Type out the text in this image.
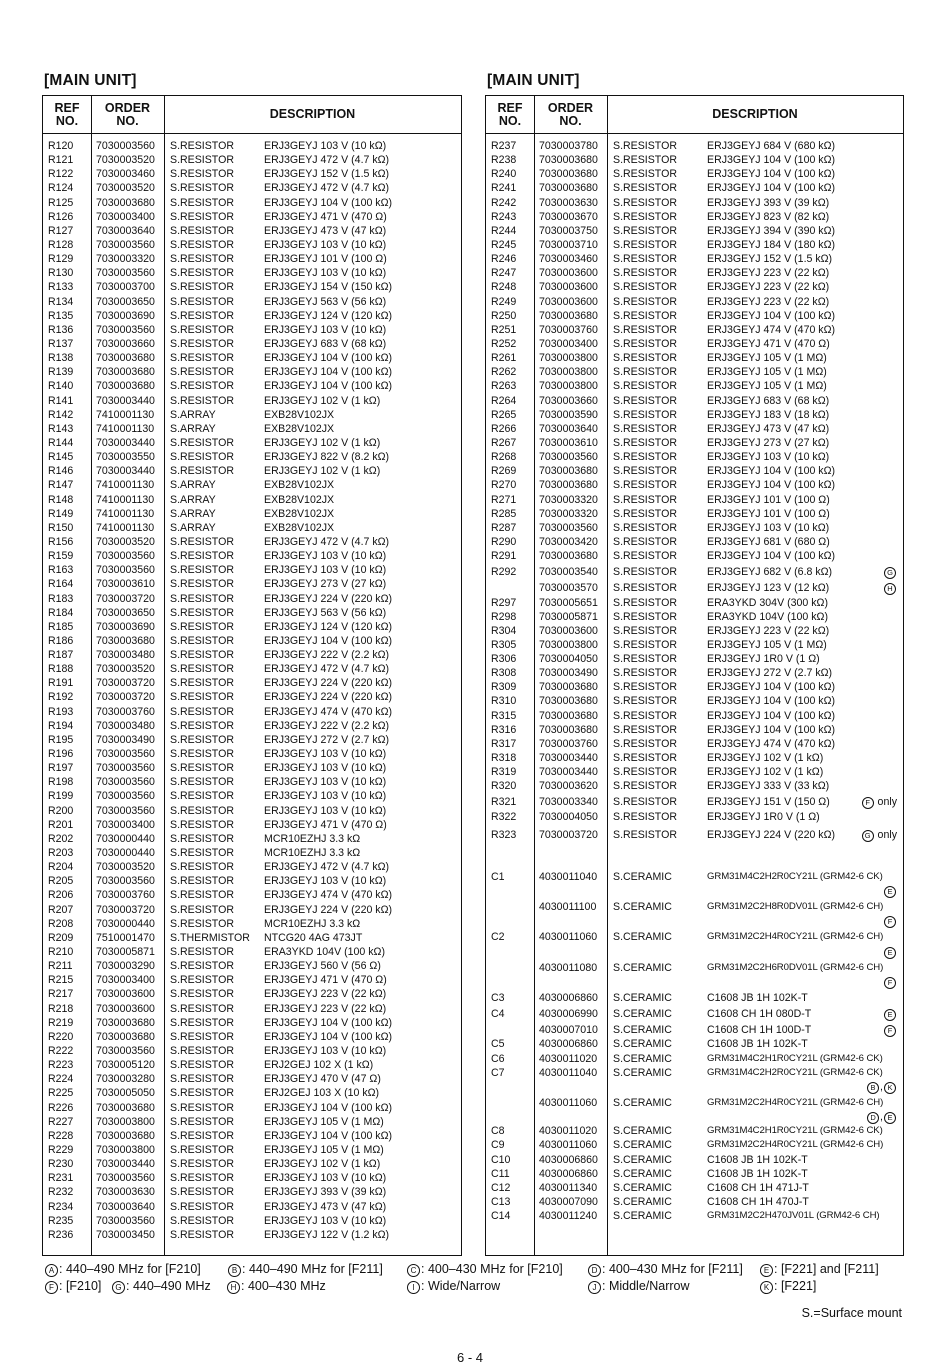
[MAIN UNIT]	[MAIN UNIT]
REF
NO.
ORDER
NO.	DESCRIPTION
R120 7030003560 S.RESISTOR	ERJ3GEYJ 103 V (10 kΩ)
R121 7030003520 S.RESISTOR	ERJ3GEYJ 472 V (4.7 kΩ)
R122 7030003460 S.RESISTOR	ERJ3GEYJ 152 V (1.5 kΩ)
R124 7030003520 S.RESISTOR	ERJ3GEYJ 472 V (4.7 kΩ)
R125 7030003680 S.RESISTOR	ERJ3GEYJ 104 V (100 kΩ)
R126 7030003400 S.RESISTOR	ERJ3GEYJ 471 V (470 Ω)
R127 7030003640 S.RESISTOR	ERJ3GEYJ 473 V (47 kΩ)
R128 7030003560 S.RESISTOR	ERJ3GEYJ 103 V (10 kΩ)
R129 7030003320 S.RESISTOR	ERJ3GEYJ 101 V (100 Ω)
R130 7030003560 S.RESISTOR	ERJ3GEYJ 103 V (10 kΩ)
R133 7030003700 S.RESISTOR	ERJ3GEYJ 154 V (150 kΩ)
R134 7030003650 S.RESISTOR	ERJ3GEYJ 563 V (56 kΩ)
R135 7030003690 S.RESISTOR	ERJ3GEYJ 124 V (120 kΩ)
R136 7030003560 S.RESISTOR	ERJ3GEYJ 103 V (10 kΩ)
R137 7030003660 S.RESISTOR	ERJ3GEYJ 683 V (68 kΩ)
R138 7030003680 S.RESISTOR	ERJ3GEYJ 104 V (100 kΩ)
R139 7030003680 S.RESISTOR	ERJ3GEYJ 104 V (100 kΩ)
R140 7030003680 S.RESISTOR	ERJ3GEYJ 104 V (100 kΩ)
R141 7030003440 S.RESISTOR	ERJ3GEYJ 102 V (1 kΩ)
R142 7410001130 S.ARRAY	EXB28V102JX
R143 7410001130 S.ARRAY	EXB28V102JX
R144 7030003440 S.RESISTOR	ERJ3GEYJ 102 V (1 kΩ)
R145 7030003550 S.RESISTOR	ERJ3GEYJ 822 V (8.2 kΩ)
R146 7030003440 S.RESISTOR	ERJ3GEYJ 102 V (1 kΩ)
R147 7410001130 S.ARRAY	EXB28V102JX
R148 7410001130 S.ARRAY	EXB28V102JX
R149 7410001130 S.ARRAY	EXB28V102JX
R150 7410001130 S.ARRAY	EXB28V102JX
R156 7030003520 S.RESISTOR	ERJ3GEYJ 472 V (4.7 kΩ)
R159 7030003560 S.RESISTOR	ERJ3GEYJ 103 V (10 kΩ)
R163 7030003560 S.RESISTOR	ERJ3GEYJ 103 V (10 kΩ)
R164 7030003610 S.RESISTOR	ERJ3GEYJ 273 V (27 kΩ)
R183 7030003720 S.RESISTOR	ERJ3GEYJ 224 V (220 kΩ)
R184 7030003650 S.RESISTOR	ERJ3GEYJ 563 V (56 kΩ)
R185 7030003690 S.RESISTOR	ERJ3GEYJ 124 V (120 kΩ)
R186 7030003680 S.RESISTOR	ERJ3GEYJ 104 V (100 kΩ)
R187 7030003480 S.RESISTOR	ERJ3GEYJ 222 V (2.2 kΩ)
R188 7030003520 S.RESISTOR	ERJ3GEYJ 472 V (4.7 kΩ)
R191 7030003720 S.RESISTOR	ERJ3GEYJ 224 V (220 kΩ)
R192 7030003720 S.RESISTOR	ERJ3GEYJ 224 V (220 kΩ)
R193 7030003760 S.RESISTOR	ERJ3GEYJ 474 V (470 kΩ)
R194 7030003480 S.RESISTOR	ERJ3GEYJ 222 V (2.2 kΩ)
R195 7030003490 S.RESISTOR	ERJ3GEYJ 272 V (2.7 kΩ)
R196 7030003560 S.RESISTOR	ERJ3GEYJ 103 V (10 kΩ)
R197 7030003560 S.RESISTOR	ERJ3GEYJ 103 V (10 kΩ)
R198 7030003560 S.RESISTOR	ERJ3GEYJ 103 V (10 kΩ)
R199 7030003560 S.RESISTOR	ERJ3GEYJ 103 V (10 kΩ)
R200 7030003560 S.RESISTOR	ERJ3GEYJ 103 V (10 kΩ)
R201 7030003400 S.RESISTOR	ERJ3GEYJ 471 V (470 Ω)
R202 7030000440 S.RESISTOR	MCR10EZHJ 3.3 kΩ
R203 7030000440 S.RESISTOR	MCR10EZHJ 3.3 kΩ
R204 7030003520 S.RESISTOR	ERJ3GEYJ 472 V (4.7 kΩ)
R205 7030003560 S.RESISTOR	ERJ3GEYJ 103 V (10 kΩ)
R206 7030003760 S.RESISTOR	ERJ3GEYJ 474 V (470 kΩ)
R207 7030003720 S.RESISTOR	ERJ3GEYJ 224 V (220 kΩ)
R208 7030000440 S.RESISTOR	MCR10EZHJ 3.3 kΩ
R209 7510001470 S.THERMISTOR NTCG20 4AG 473JT
R210 7030005871 S.RESISTOR	ERA3YKD 104V (100 kΩ)
R211 7030003290 S.RESISTOR	ERJ3GEYJ 560 V (56 Ω)
R215 7030003400 S.RESISTOR	ERJ3GEYJ 471 V (470 Ω)
R217 7030003600 S.RESISTOR	ERJ3GEYJ 223 V (22 kΩ)
R218 7030003600 S.RESISTOR	ERJ3GEYJ 223 V (22 kΩ)
R219 7030003680 S.RESISTOR	ERJ3GEYJ 104 V (100 kΩ)
R220 7030003680 S.RESISTOR	ERJ3GEYJ 104 V (100 kΩ)
R222 7030003560 S.RESISTOR	ERJ3GEYJ 103 V (10 kΩ)
R223 7030005120 S.RESISTOR	ERJ2GEJ 102 X (1 kΩ)
R224 7030003280 S.RESISTOR	ERJ3GEYJ 470 V (47 Ω)
R225 7030005050 S.RESISTOR	ERJ2GEJ 103 X (10 kΩ)
R226 7030003680 S.RESISTOR	ERJ3GEYJ 104 V (100 kΩ)
R227 7030003800 S.RESISTOR	ERJ3GEYJ 105 V (1 MΩ)
R228 7030003680 S.RESISTOR	ERJ3GEYJ 104 V (100 kΩ)
R229 7030003800 S.RESISTOR	ERJ3GEYJ 105 V (1 MΩ)
R230 7030003440 S.RESISTOR	ERJ3GEYJ 102 V (1 kΩ)
R231 7030003560 S.RESISTOR	ERJ3GEYJ 103 V (10 kΩ)
R232 7030003630 S.RESISTOR	ERJ3GEYJ 393 V (39 kΩ)
R234 7030003640 S.RESISTOR	ERJ3GEYJ 473 V (47 kΩ)
R235 7030003560 S.RESISTOR	ERJ3GEYJ 103 V (10 kΩ)
R236 7030003450 S.RESISTOR	ERJ3GEYJ 122 V (1.2 kΩ)
REF
NO.
ORDER
NO.	DESCRIPTION
R237 7030003780 S.RESISTOR	ERJ3GEYJ 684 V (680 kΩ)
R238 7030003680 S.RESISTOR	ERJ3GEYJ 104 V (100 kΩ)
R240 7030003680 S.RESISTOR	ERJ3GEYJ 104 V (100 kΩ)
R241 7030003680 S.RESISTOR	ERJ3GEYJ 104 V (100 kΩ)
R242 7030003630 S.RESISTOR	ERJ3GEYJ 393 V (39 kΩ)
R243 7030003670 S.RESISTOR	ERJ3GEYJ 823 V (82 kΩ)
R244 7030003750 S.RESISTOR	ERJ3GEYJ 394 V (390 kΩ)
R245 7030003710 S.RESISTOR	ERJ3GEYJ 184 V (180 kΩ)
R246 7030003460 S.RESISTOR	ERJ3GEYJ 152 V (1.5 kΩ)
R247 7030003600 S.RESISTOR	ERJ3GEYJ 223 V (22 kΩ)
R248 7030003600 S.RESISTOR	ERJ3GEYJ 223 V (22 kΩ)
R249 7030003600 S.RESISTOR	ERJ3GEYJ 223 V (22 kΩ)
R250 7030003680 S.RESISTOR	ERJ3GEYJ 104 V (100 kΩ)
R251 7030003760 S.RESISTOR	ERJ3GEYJ 474 V (470 kΩ)
R252 7030003400 S.RESISTOR	ERJ3GEYJ 471 V (470 Ω)
R261 7030003800 S.RESISTOR	ERJ3GEYJ 105 V (1 MΩ)
R262 7030003800 S.RESISTOR	ERJ3GEYJ 105 V (1 MΩ)
R263 7030003800 S.RESISTOR	ERJ3GEYJ 105 V (1 MΩ)
R264 7030003660 S.RESISTOR	ERJ3GEYJ 683 V (68 kΩ)
R265 7030003590 S.RESISTOR	ERJ3GEYJ 183 V (18 kΩ)
R266 7030003640 S.RESISTOR	ERJ3GEYJ 473 V (47 kΩ)
R267 7030003610 S.RESISTOR	ERJ3GEYJ 273 V (27 kΩ)
R268 7030003560 S.RESISTOR	ERJ3GEYJ 103 V (10 kΩ)
R269 7030003680 S.RESISTOR	ERJ3GEYJ 104 V (100 kΩ)
R270 7030003680 S.RESISTOR	ERJ3GEYJ 104 V (100 kΩ)
R271 7030003320 S.RESISTOR	ERJ3GEYJ 101 V (100 Ω)
R285 7030003320 S.RESISTOR	ERJ3GEYJ 101 V (100 Ω)
R287 7030003560 S.RESISTOR	ERJ3GEYJ 103 V (10 kΩ)
R290 7030003420 S.RESISTOR	ERJ3GEYJ 681 V (680 Ω)
R291 7030003680 S.RESISTOR	ERJ3GEYJ 104 V (100 kΩ)
R292 7030003540 S.RESISTOR	ERJ3GEYJ 682 V (6.8 kΩ)	G
7030003570 S.RESISTOR	ERJ3GEYJ 123 V (12 kΩ)	H
R297 7030005651 S.RESISTOR	ERA3YKD 304V (300 kΩ)
R298 7030005871 S.RESISTOR	ERA3YKD 104V (100 kΩ)
R304 7030003600 S.RESISTOR	ERJ3GEYJ 223 V (22 kΩ)
R305 7030003800 S.RESISTOR	ERJ3GEYJ 105 V (1 MΩ)
R306 7030004050 S.RESISTOR	ERJ3GEYJ 1R0 V (1 Ω)
R308 7030003490 S.RESISTOR	ERJ3GEYJ 272 V (2.7 kΩ)
R309 7030003680 S.RESISTOR	ERJ3GEYJ 104 V (100 kΩ)
R310 7030003680 S.RESISTOR	ERJ3GEYJ 104 V (100 kΩ)
R315 7030003680 S.RESISTOR	ERJ3GEYJ 104 V (100 kΩ)
R316 7030003680 S.RESISTOR	ERJ3GEYJ 104 V (100 kΩ)
R317 7030003760 S.RESISTOR	ERJ3GEYJ 474 V (470 kΩ)
R318 7030003440 S.RESISTOR	ERJ3GEYJ 102 V (1 kΩ)
R319 7030003440 S.RESISTOR	ERJ3GEYJ 102 V (1 kΩ)
R320 7030003620 S.RESISTOR	ERJ3GEYJ 333 V (33 kΩ)
R321 7030003340 S.RESISTOR	ERJ3GEYJ 151 V (150 Ω)	F only
R322 7030004050 S.RESISTOR	ERJ3GEYJ 1R0 V (1 Ω)
R323 7030003720 S.RESISTOR	ERJ3GEYJ 224 V (220 kΩ)	G only
C1	4030011040 S.CERAMIC	GRM31M4C2H2R0CY21L (GRM42-6 CK)
E
4030011100 S.CERAMIC	GRM31M2C2H8R0DV01L (GRM42-6 CH)
F
C2	4030011060 S.CERAMIC	GRM31M2C2H4R0CY21L (GRM42-6 CH)
E
4030011080 S.CERAMIC	GRM31M2C2H6R0DV01L (GRM42-6 CH)
F
C3	4030006860 S.CERAMIC	C1608 JB 1H 102K-T
C4	4030006990 S.CERAMIC	C1608 CH 1H 080D-T	E
4030007010 S.CERAMIC	C1608 CH 1H 100D-T	F
C5	4030006860 S.CERAMIC	C1608 JB 1H 102K-T
C6	4030011020 S.CERAMIC	GRM31M4C2H1R0CY21L (GRM42-6 CK)
C7	4030011040 S.CERAMIC	GRM31M4C2H2R0CY21L (GRM42-6 CK)
B , K
4030011060 S.CERAMIC	GRM31M2C2H4R0CY21L (GRM42-6 CH)
D , E
C8	4030011020 S.CERAMIC	GRM31M4C2H1R0CY21L (GRM42-6 CK)
C9	4030011060 S.CERAMIC	GRM31M2C2H4R0CY21L (GRM42-6 CH)
C10	4030006860 S.CERAMIC	C1608 JB 1H 102K-T
C11	4030006860 S.CERAMIC	C1608 JB 1H 102K-T
C12	4030011340 S.CERAMIC	C1608 CH 1H 471J-T
C13	4030007090 S.CERAMIC	C1608 CH 1H 470J-T
C14	4030011240 S.CERAMIC	GRM31M2C2H470JV01L (GRM42-6 CH)
A : 440–490 MHz for [F210]	B : 440–490 MHz for [F211]	C : 400–430 MHz for [F210]	D : 400–430 MHz for [F211]	E : [F221] and [F211]
F : [F210]	G : 440–490 MHz	H : 400–430 MHz	I : Wide/Narrow	J : Middle/Narrow	K : [F221]
S.=Surface mount
6 - 4
